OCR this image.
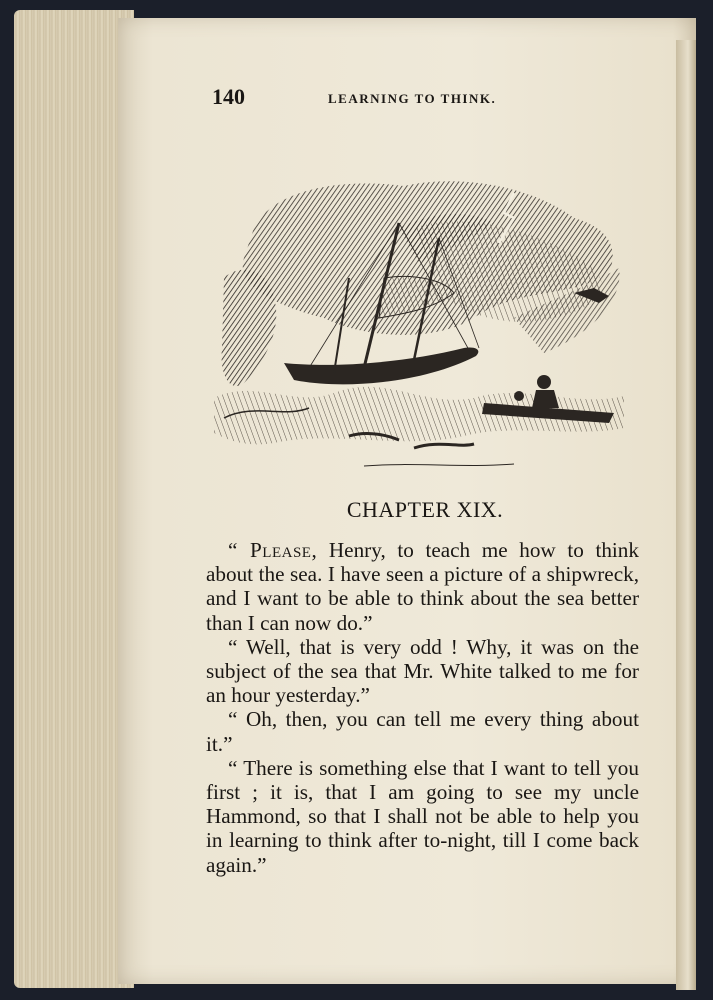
140	LEARNING TO THINK.
CHAPTER XIX.

“ Please, Henry, to teach me how to think about the sea. I have seen a picture of a shipwreck, and I want to be able to think about the sea better than I can now do.”

“ Well, that is very odd ! Why, it was on the subject of the sea that Mr. White talked to me for an hour yesterday.”

“ Oh, then, you can tell me every thing about it.”

“ There is something else that I want to tell you first ; it is, that I am going to see my uncle Hammond, so that I shall not be able to help you in learning to think after to-night, till I come back again.”
